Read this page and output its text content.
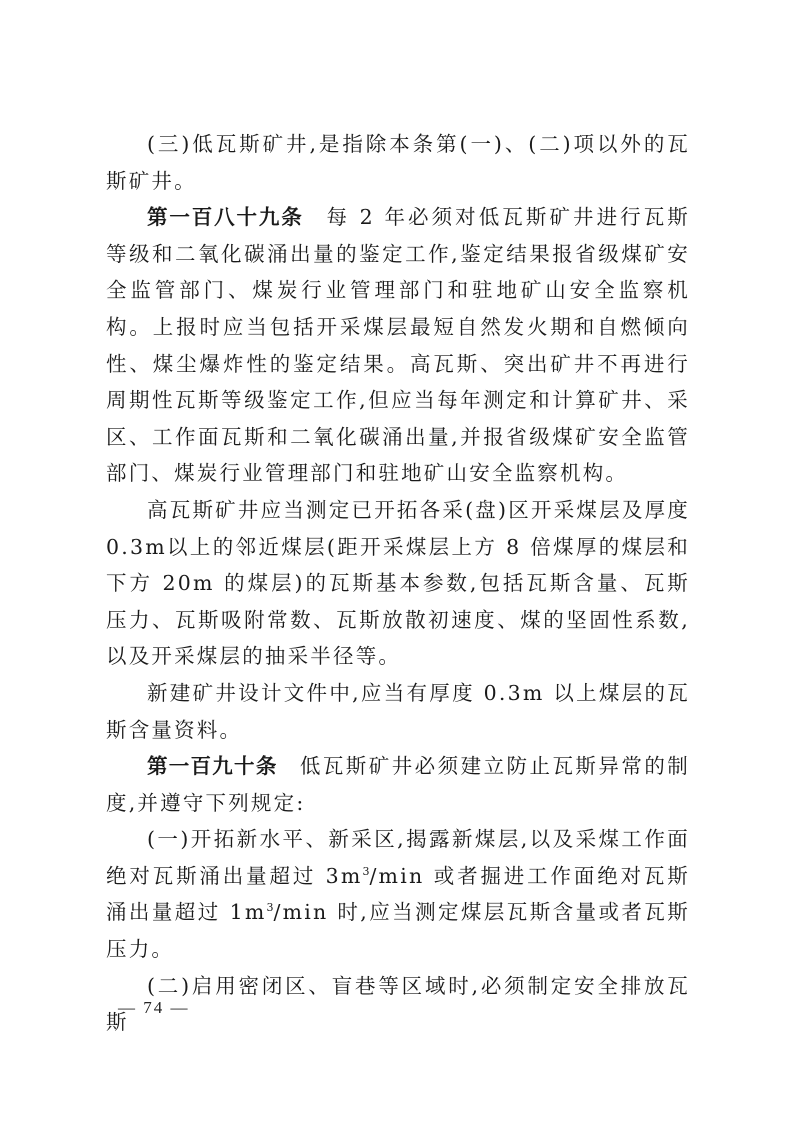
(三)低瓦斯矿井,是指除本条第(一)、(二)项以外的瓦斯矿井。

第一百八十九条 每 2 年必须对低瓦斯矿井进行瓦斯等级和二氧化碳涌出量的鉴定工作,鉴定结果报省级煤矿安全监管部门、煤炭行业管理部门和驻地矿山安全监察机构。上报时应当包括开采煤层最短自然发火期和自燃倾向性、煤尘爆炸性的鉴定结果。高瓦斯、突出矿井不再进行周期性瓦斯等级鉴定工作,但应当每年测定和计算矿井、采区、工作面瓦斯和二氧化碳涌出量,并报省级煤矿安全监管部门、煤炭行业管理部门和驻地矿山安全监察机构。

高瓦斯矿井应当测定已开拓各采(盘)区开采煤层及厚度 0.3m以上的邻近煤层(距开采煤层上方 8 倍煤厚的煤层和下方 20m 的煤层)的瓦斯基本参数,包括瓦斯含量、瓦斯压力、瓦斯吸附常数、瓦斯放散初速度、煤的坚固性系数,以及开采煤层的抽采半径等。

新建矿井设计文件中,应当有厚度 0.3m 以上煤层的瓦斯含量资料。

第一百九十条 低瓦斯矿井必须建立防止瓦斯异常的制度,并遵守下列规定:

(一)开拓新水平、新采区,揭露新煤层,以及采煤工作面绝对瓦斯涌出量超过 $3m^3/\min$ 或者掘进工作面绝对瓦斯涌出量超过 $1m^3/\min$ 时,应当测定煤层瓦斯含量或者瓦斯压力。

(二)启用密闭区、盲巷等区域时,必须制定安全排放瓦斯

— 74 —
